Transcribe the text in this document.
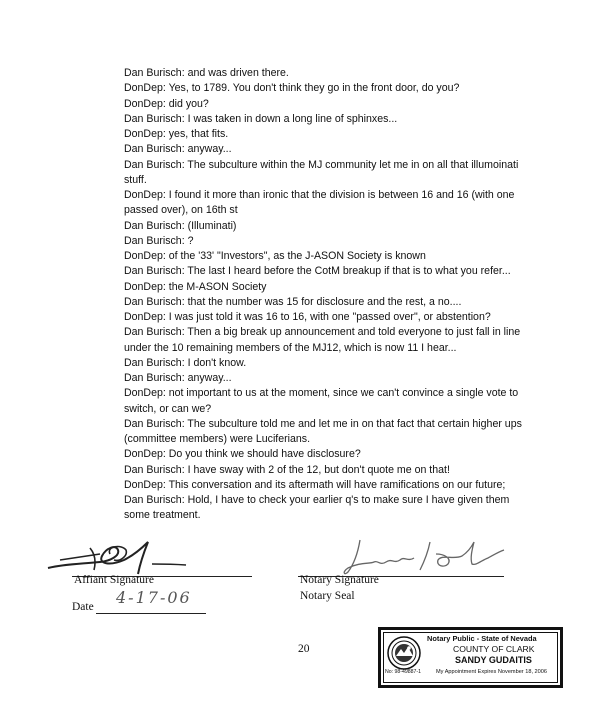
Dan Burisch: and was driven there.

DonDep: Yes, to 1789. You don't think they go in the front door, do you?

DonDep: did you?

Dan Burisch: I was taken in down a long line of sphinxes...

DonDep: yes, that fits.

Dan Burisch: anyway...

Dan Burisch: The subculture within the MJ community let me in on all that illumoinati stuff.

DonDep: I found it more than ironic that the division is between 16 and 16 (with one passed over), on 16th st

Dan Burisch: (Illuminati)

Dan Burisch: ?

DonDep: of the '33' "Investors", as the J-ASON Society is known

Dan Burisch: The last I heard before the CotM breakup if that is to what you refer...

DonDep: the M-ASON Society

Dan Burisch: that the number was 15 for disclosure and the rest, a no....

DonDep: I was just told it was 16 to 16, with one "passed over", or abstention?

Dan Burisch: Then a big break up announcement and told everyone to just fall in line under the 10 remaining members of the MJ12, which is now 11 I hear...

Dan Burisch: I don't know.

Dan Burisch: anyway...

DonDep: not important to us at the moment, since we can't convince a single vote to switch, or can we?

Dan Burisch: The subculture told me and let me in on that fact that certain higher ups (committee members) were Luciferians.

DonDep: Do you think we should have disclosure?

Dan Burisch: I have sway with 2 of the 12, but don't quote me on that!

DonDep: This conversation and its aftermath will have ramifications on our future;

Dan Burisch: Hold, I have to check your earlier q's to make sure I have given them some treatment.

Affiant Signature
Date 4-17-06
Notary Signature
Notary Seal
20
Notary Public - State of Nevada
COUNTY OF CLARK
SANDY GUDAITIS
No: 98-49887-1	My Appointment Expires November 18, 2006
